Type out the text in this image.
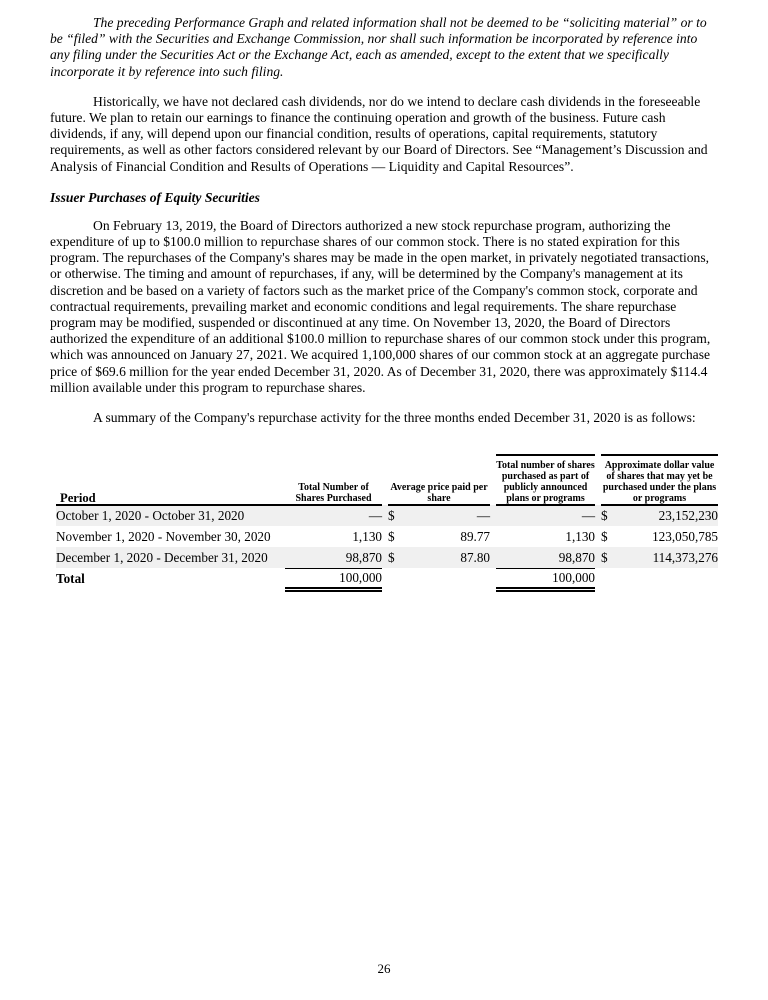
The preceding Performance Graph and related information shall not be deemed to be “soliciting material” or to be “filed” with the Securities and Exchange Commission, nor shall such information be incorporated by reference into any filing under the Securities Act or the Exchange Act, each as amended, except to the extent that we specifically incorporate it by reference into such filing.

Historically, we have not declared cash dividends, nor do we intend to declare cash dividends in the foreseeable future. We plan to retain our earnings to finance the continuing operation and growth of the business. Future cash dividends, if any, will depend upon our financial condition, results of operations, capital requirements, statutory requirements, as well as other factors considered relevant by our Board of Directors. See “Management’s Discussion and Analysis of Financial Condition and Results of Operations — Liquidity and Capital Resources”.

Issuer Purchases of Equity Securities

On February 13, 2019, the Board of Directors authorized a new stock repurchase program, authorizing the expenditure of up to $100.0 million to repurchase shares of our common stock. There is no stated expiration for this program. The repurchases of the Company's shares may be made in the open market, in privately negotiated transactions, or otherwise. The timing and amount of repurchases, if any, will be determined by the Company's management at its discretion and be based on a variety of factors such as the market price of the Company's common stock, corporate and contractual requirements, prevailing market and economic conditions and legal requirements. The share repurchase program may be modified, suspended or discontinued at any time. On November 13, 2020, the Board of Directors authorized the expenditure of an additional $100.0 million to repurchase shares of our common stock under this program, which was announced on January 27, 2021. We acquired 1,100,000 shares of our common stock at an aggregate purchase price of $69.6 million for the year ended December 31, 2020. As of December 31, 2020, there was approximately $114.4 million available under this program to repurchase shares.

A summary of the Company's repurchase activity for the three months ended December 31, 2020 is as follows:

Period	Total Number of Shares Purchased		Average price paid per share			Total number of shares purchased as part of publicly announced plans or programs		Approximate dollar value of shares that may yet be purchased under the plans or programs	
October 1, 2020 - October 31, 2020	—		$	—		—		$	23,152,230
November 1, 2020 - November 30, 2020	1,130		$	89.77		1,130		$	123,050,785
December 1, 2020 - December 31, 2020	98,870		$	87.80		98,870		$	114,373,276
Total	100,000					100,000			
26
